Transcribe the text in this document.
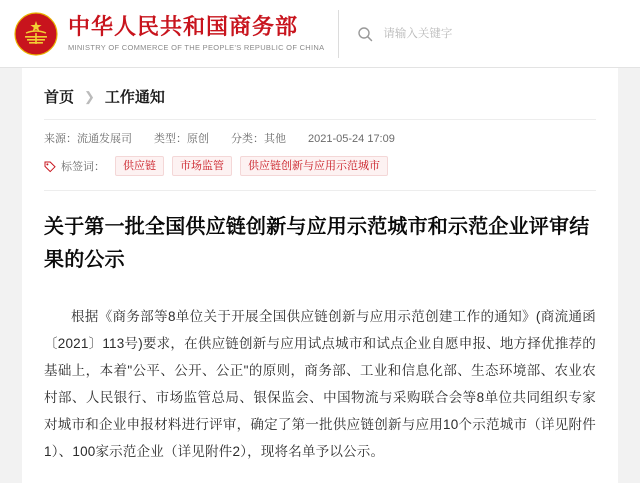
中华人民共和国商务部
MINISTRY OF COMMERCE OF THE PEOPLE'S REPUBLIC OF CHINA
请输入关键字
首页 ❯ 工作通知
来源：流通发展司 类型：原创 分类：其他 2021-05-24 17:09
标签词：	供应链	市场监管	供应链创新与应用示范城市
关于第一批全国供应链创新与应用示范城市和示范企业评审结果的公示

根据《商务部等8单位关于开展全国供应链创新与应用示范创建工作的通知》(商流通函〔2021〕113号)要求，在供应链创新与应用试点城市和试点企业自愿申报、地方择优推荐的基础上，本着"公平、公开、公正"的原则，商务部、工业和信息化部、生态环境部、农业农村部、人民银行、市场监管总局、银保监会、中国物流与采购联合会等8单位共同组织专家对城市和企业申报材料进行评审，确定了第一批供应链创新与应用10个示范城市（详见附件1）、100家示范企业（详见附件2），现将名单予以公示。
